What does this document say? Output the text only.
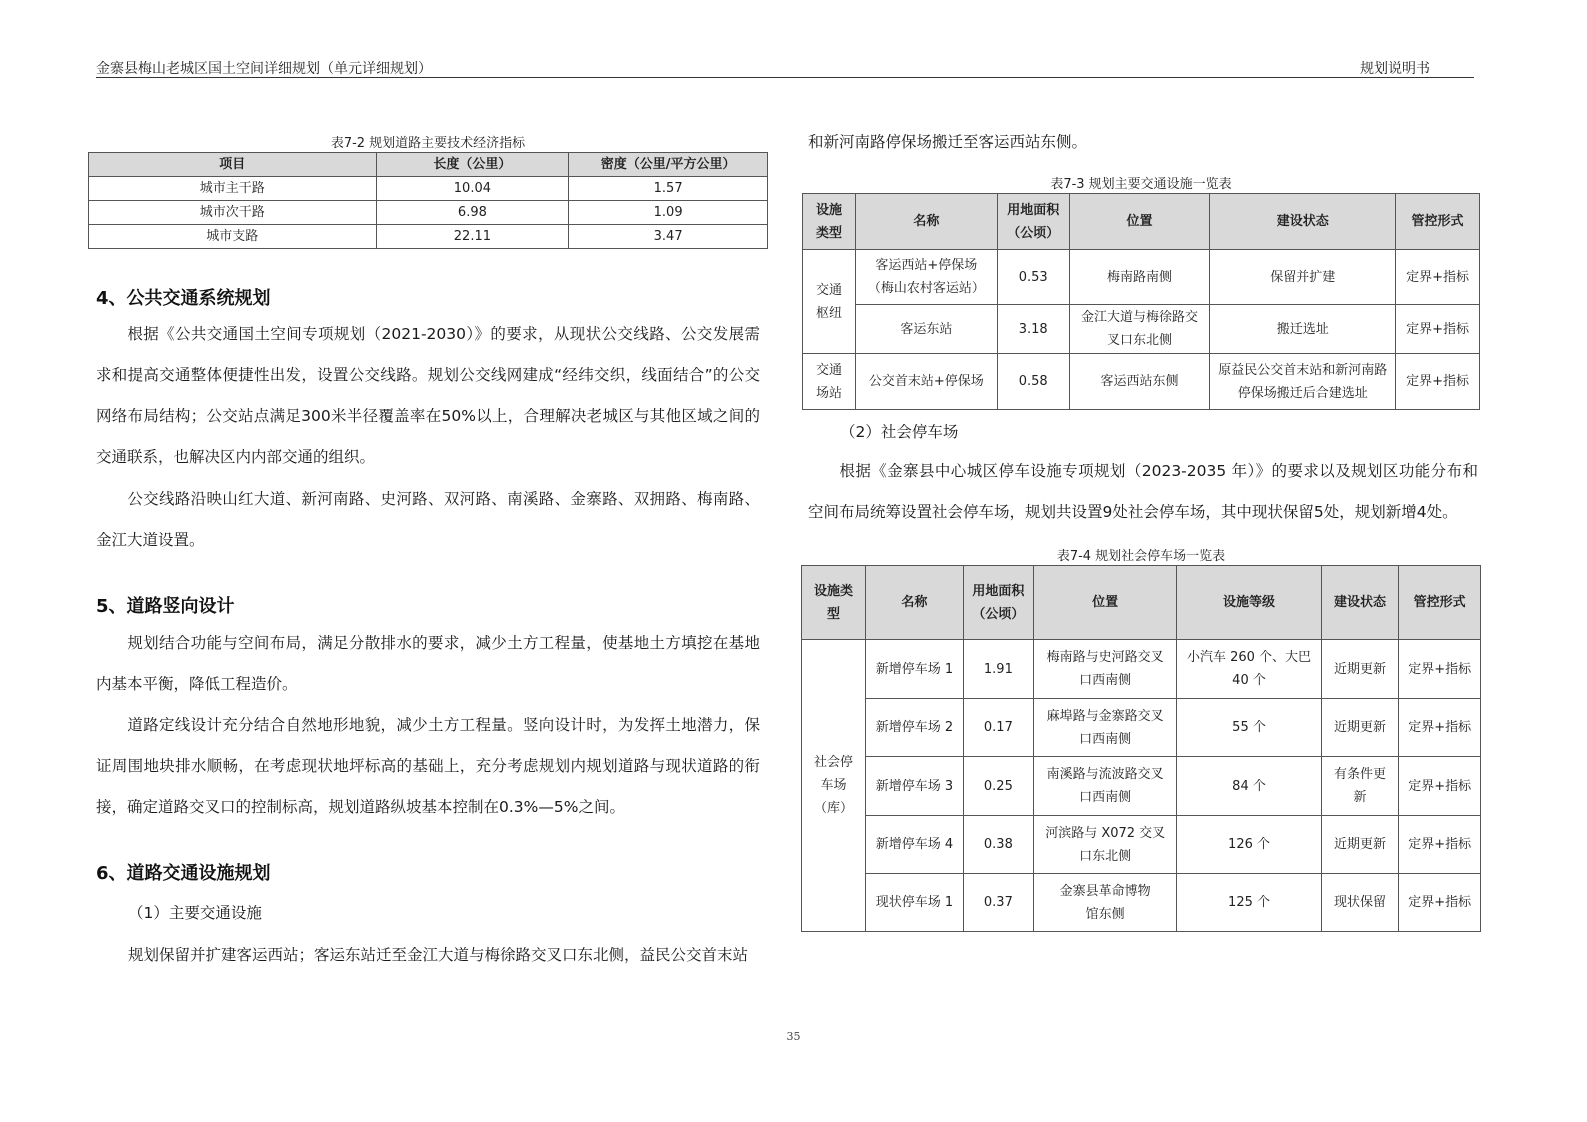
金寨县梅山老城区国土空间详细规划（单元详细规划）	规划说明书
表7-2 规划道路主要技术经济指标
项目	长度（公里）	密度（公里/平方公里）
城市主干路	10.04	1.57
城市次干路	6.98	1.09
城市支路	22.11	3.47
4、公共交通系统规划
根据《公共交通国土空间专项规划（2021-2030）》的要求，从现状公交线路、公交发展需求和提高交通整体便捷性出发，设置公交线路。规划公交线网建成“经纬交织，线面结合”的公交网络布局结构；公交站点满足300米半径覆盖率在50%以上，合理解决老城区与其他区域之间的交通联系，也解决区内内部交通的组织。
公交线路沿映山红大道、新河南路、史河路、双河路、南溪路、金寨路、双拥路、梅南路、金江大道设置。
5、道路竖向设计
规划结合功能与空间布局，满足分散排水的要求，减少土方工程量，使基地土方填挖在基地内基本平衡，降低工程造价。
道路定线设计充分结合自然地形地貌，减少土方工程量。竖向设计时，为发挥土地潜力，保证周围地块排水顺畅，在考虑现状地坪标高的基础上，充分考虑规划内规划道路与现状道路的衔接，确定道路交叉口的控制标高，规划道路纵坡基本控制在0.3%—5%之间。
6、道路交通设施规划
（1）主要交通设施
规划保留并扩建客运西站；客运东站迁至金江大道与梅徐路交叉口东北侧，益民公交首末站
和新河南路停保场搬迁至客运西站东侧。
表7-3 规划主要交通设施一览表
设施类型	名称	用地面积（公顷）	位置	建设状态	管控形式
交通枢纽	客运西站+停保场（梅山农村客运站）	0.53	梅南路南侧	保留并扩建	定界+指标
	客运东站	3.18	金江大道与梅徐路交叉口东北侧	搬迁选址	定界+指标
交通场站	公交首末站+停保场	0.58	客运西站东侧	原益民公交首末站和新河南路停保场搬迁后合建选址	定界+指标
（2）社会停车场
根据《金寨县中心城区停车设施专项规划（2023-2035 年）》的要求以及规划区功能分布和空间布局统筹设置社会停车场，规划共设置9处社会停车场，其中现状保留5处，规划新增4处。
表7-4 规划社会停车场一览表
设施类型	名称	用地面积（公顷）	位置	设施等级	建设状态	管控形式
社会停车场（库）	新增停车场 1	1.91	梅南路与史河路交叉口西南侧	小汽车 260 个、大巴 40 个	近期更新	定界+指标
	新增停车场 2	0.17	麻埠路与金寨路交叉口西南侧	55 个	近期更新	定界+指标
	新增停车场 3	0.25	南溪路与流波路交叉口西南侧	84 个	有条件更新	定界+指标
	新增停车场 4	0.38	河滨路与 X072 交叉口东北侧	126 个	近期更新	定界+指标
	现状停车场 1	0.37	金寨县革命博物馆东侧	125 个	现状保留	定界+指标
35
